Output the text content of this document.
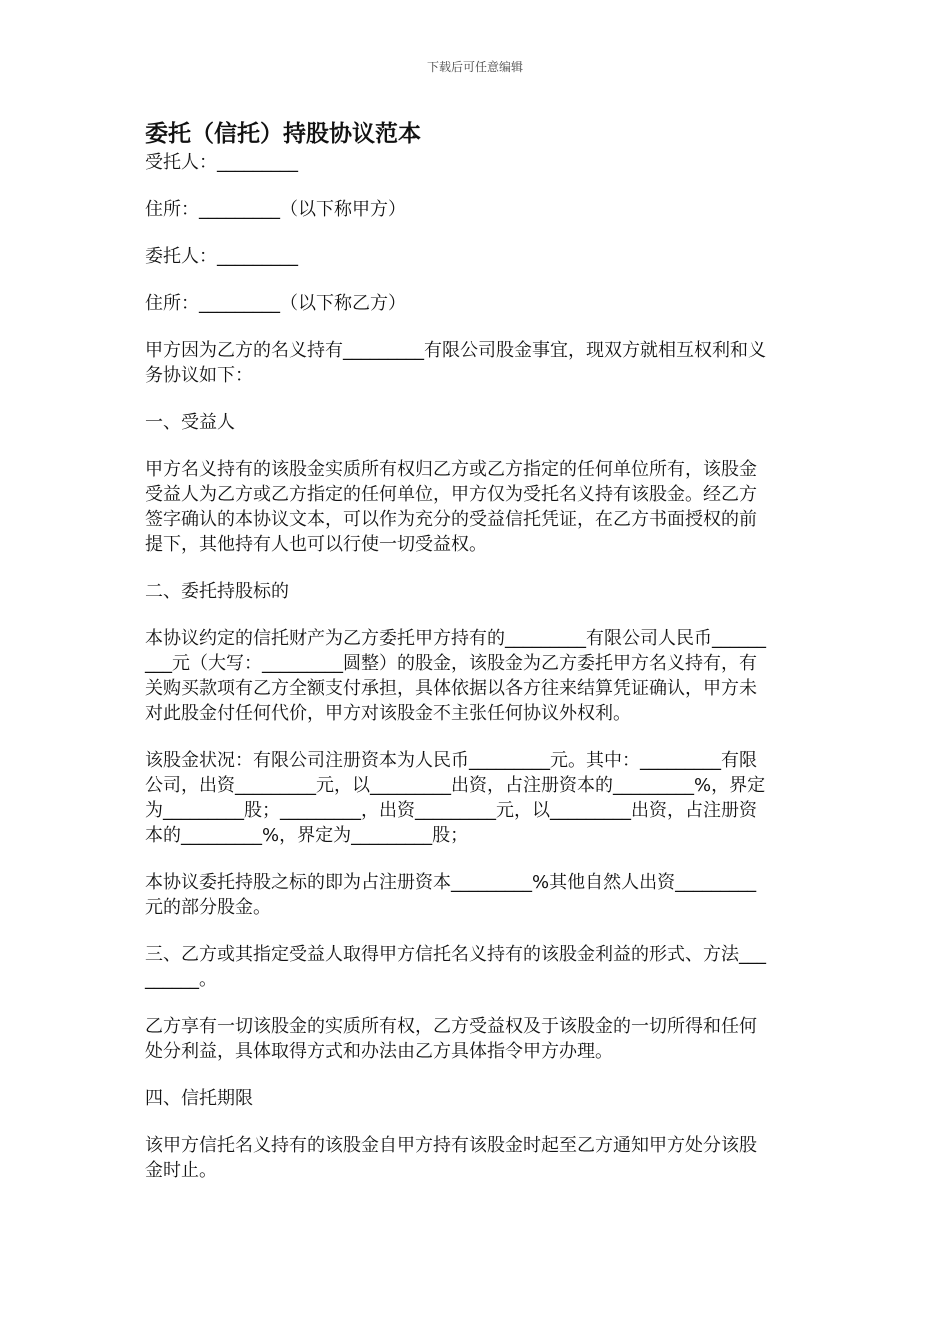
下载后可任意编辑

委托（信托）持股协议范本

受托人：_________

住所：_________（以下称甲方）

委托人：_________

住所：_________（以下称乙方）

甲方因为乙方的名义持有_________有限公司股金事宜，现双方就相互权利和义

务协议如下：

一、受益人

甲方名义持有的该股金实质所有权归乙方或乙方指定的任何单位所有，该股金

受益人为乙方或乙方指定的任何单位，甲方仅为受托名义持有该股金。经乙方

签字确认的本协议文本，可以作为充分的受益信托凭证，在乙方书面授权的前

提下，其他持有人也可以行使一切受益权。

二、委托持股标的

本协议约定的信托财产为乙方委托甲方持有的_________有限公司人民币______

___元（大写：_________圆整）的股金，该股金为乙方委托甲方名义持有，有

关购买款项有乙方全额支付承担，具体依据以各方往来结算凭证确认，甲方未

对此股金付任何代价，甲方对该股金不主张任何协议外权利。

该股金状况：有限公司注册资本为人民币_________元。其中：_________有限

公司，出资_________元，以_________出资，占注册资本的_________%，界定

为_________股；_________，出资_________元，以_________出资，占注册资

本的_________%，界定为_________股；

本协议委托持股之标的即为占注册资本_________%其他自然人出资_________

元的部分股金。

三、乙方或其指定受益人取得甲方信托名义持有的该股金利益的形式、方法___

______。

乙方享有一切该股金的实质所有权，乙方受益权及于该股金的一切所得和任何

处分利益，具体取得方式和办法由乙方具体指令甲方办理。

四、信托期限

该甲方信托名义持有的该股金自甲方持有该股金时起至乙方通知甲方处分该股

金时止。
